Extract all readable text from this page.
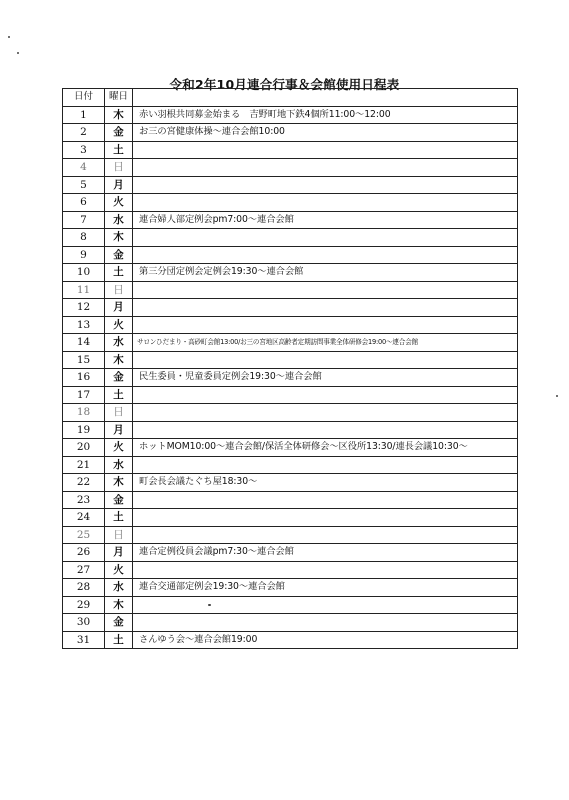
令和2年10月連合行事＆会館使用日程表
日付	曜日	
1	木	赤い羽根共同募金始まる　吉野町地下鉄4個所11:00～12:00
2	金	お三の宮健康体操～連合会館10:00
3	土	
4	日	
5	月	
6	火	
7	水	連合婦人部定例会pm7:00～連合会館
8	木	
9	金	
10	土	第三分団定例会定例会19:30～連合会館
11	日	
12	月	
13	火	
14	水	サロンひだまり・高砂町会館13:00/お三の宮地区高齢者定期訪問事業全体研修会19:00～連合会館
15	木	
16	金	民生委員・児童委員定例会19:30～連合会館
17	土	
18	日	
19	月	
20	火	ホットMOM10:00～連合会館/保活全体研修会～区役所13:30/連長会議10:30～
21	水	
22	木	町会長会議たぐち屋18:30～
23	金	
24	土	
25	日	
26	月	連合定例役員会議pm7:30～連合会館
27	火	
28	水	連合交通部定例会19:30～連合会館
29	木	
30	金	
31	土	さんゆう会～連合会館19:00
